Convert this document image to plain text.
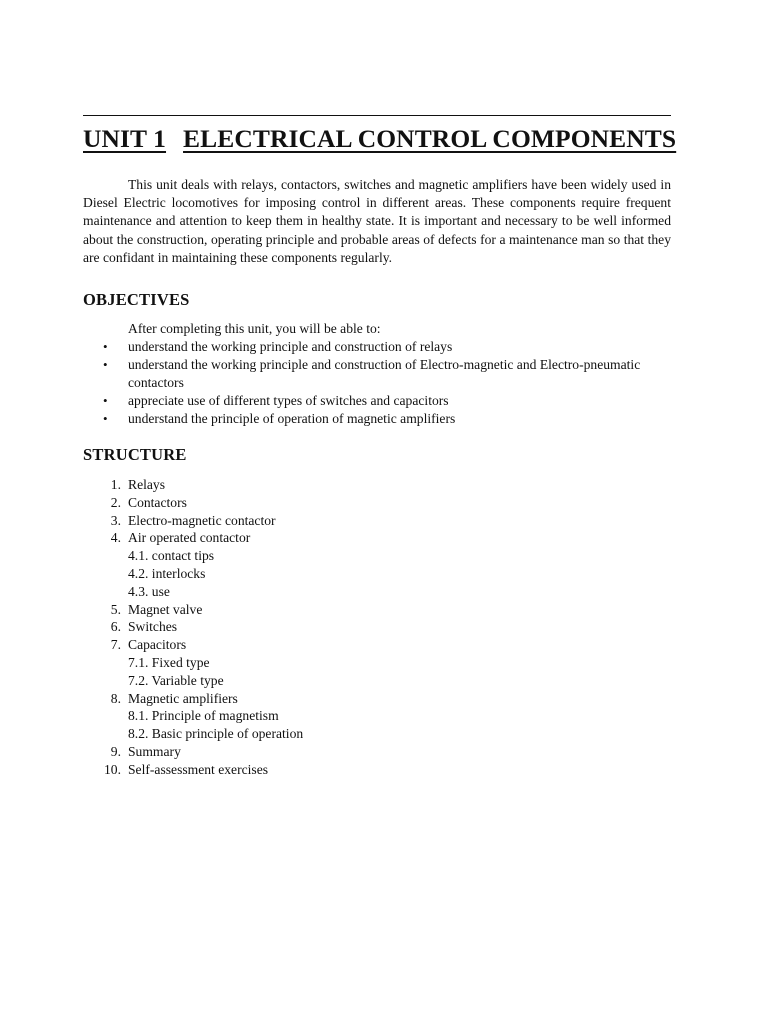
UNIT 1 ELECTRICAL CONTROL COMPONENTS

This unit deals with relays, contactors, switches and magnetic amplifiers have been widely used in Diesel Electric locomotives for imposing control in different areas. These components require frequent maintenance and attention to keep them in healthy state. It is important and necessary to be well informed about the construction, operating principle and probable areas of defects for a maintenance man so that they are confidant in maintaining these components regularly.

OBJECTIVES

After completing this unit, you will be able to:

• understand the working principle and construction of relays
• understand the working principle and construction of Electro-magnetic and Electro-pneumatic contactors
• appreciate use of different types of switches and capacitors
• understand the principle of operation of magnetic amplifiers
STRUCTURE
1. Relays
2. Contactors
3. Electro-magnetic contactor
4. Air operated contactor
4.1. contact tips
4.2. interlocks
4.3. use
5. Magnet valve
6. Switches
7. Capacitors
7.1. Fixed type
7.2. Variable type
8. Magnetic amplifiers
8.1. Principle of magnetism
8.2. Basic principle of operation
9. Summary
10. Self-assessment exercises
